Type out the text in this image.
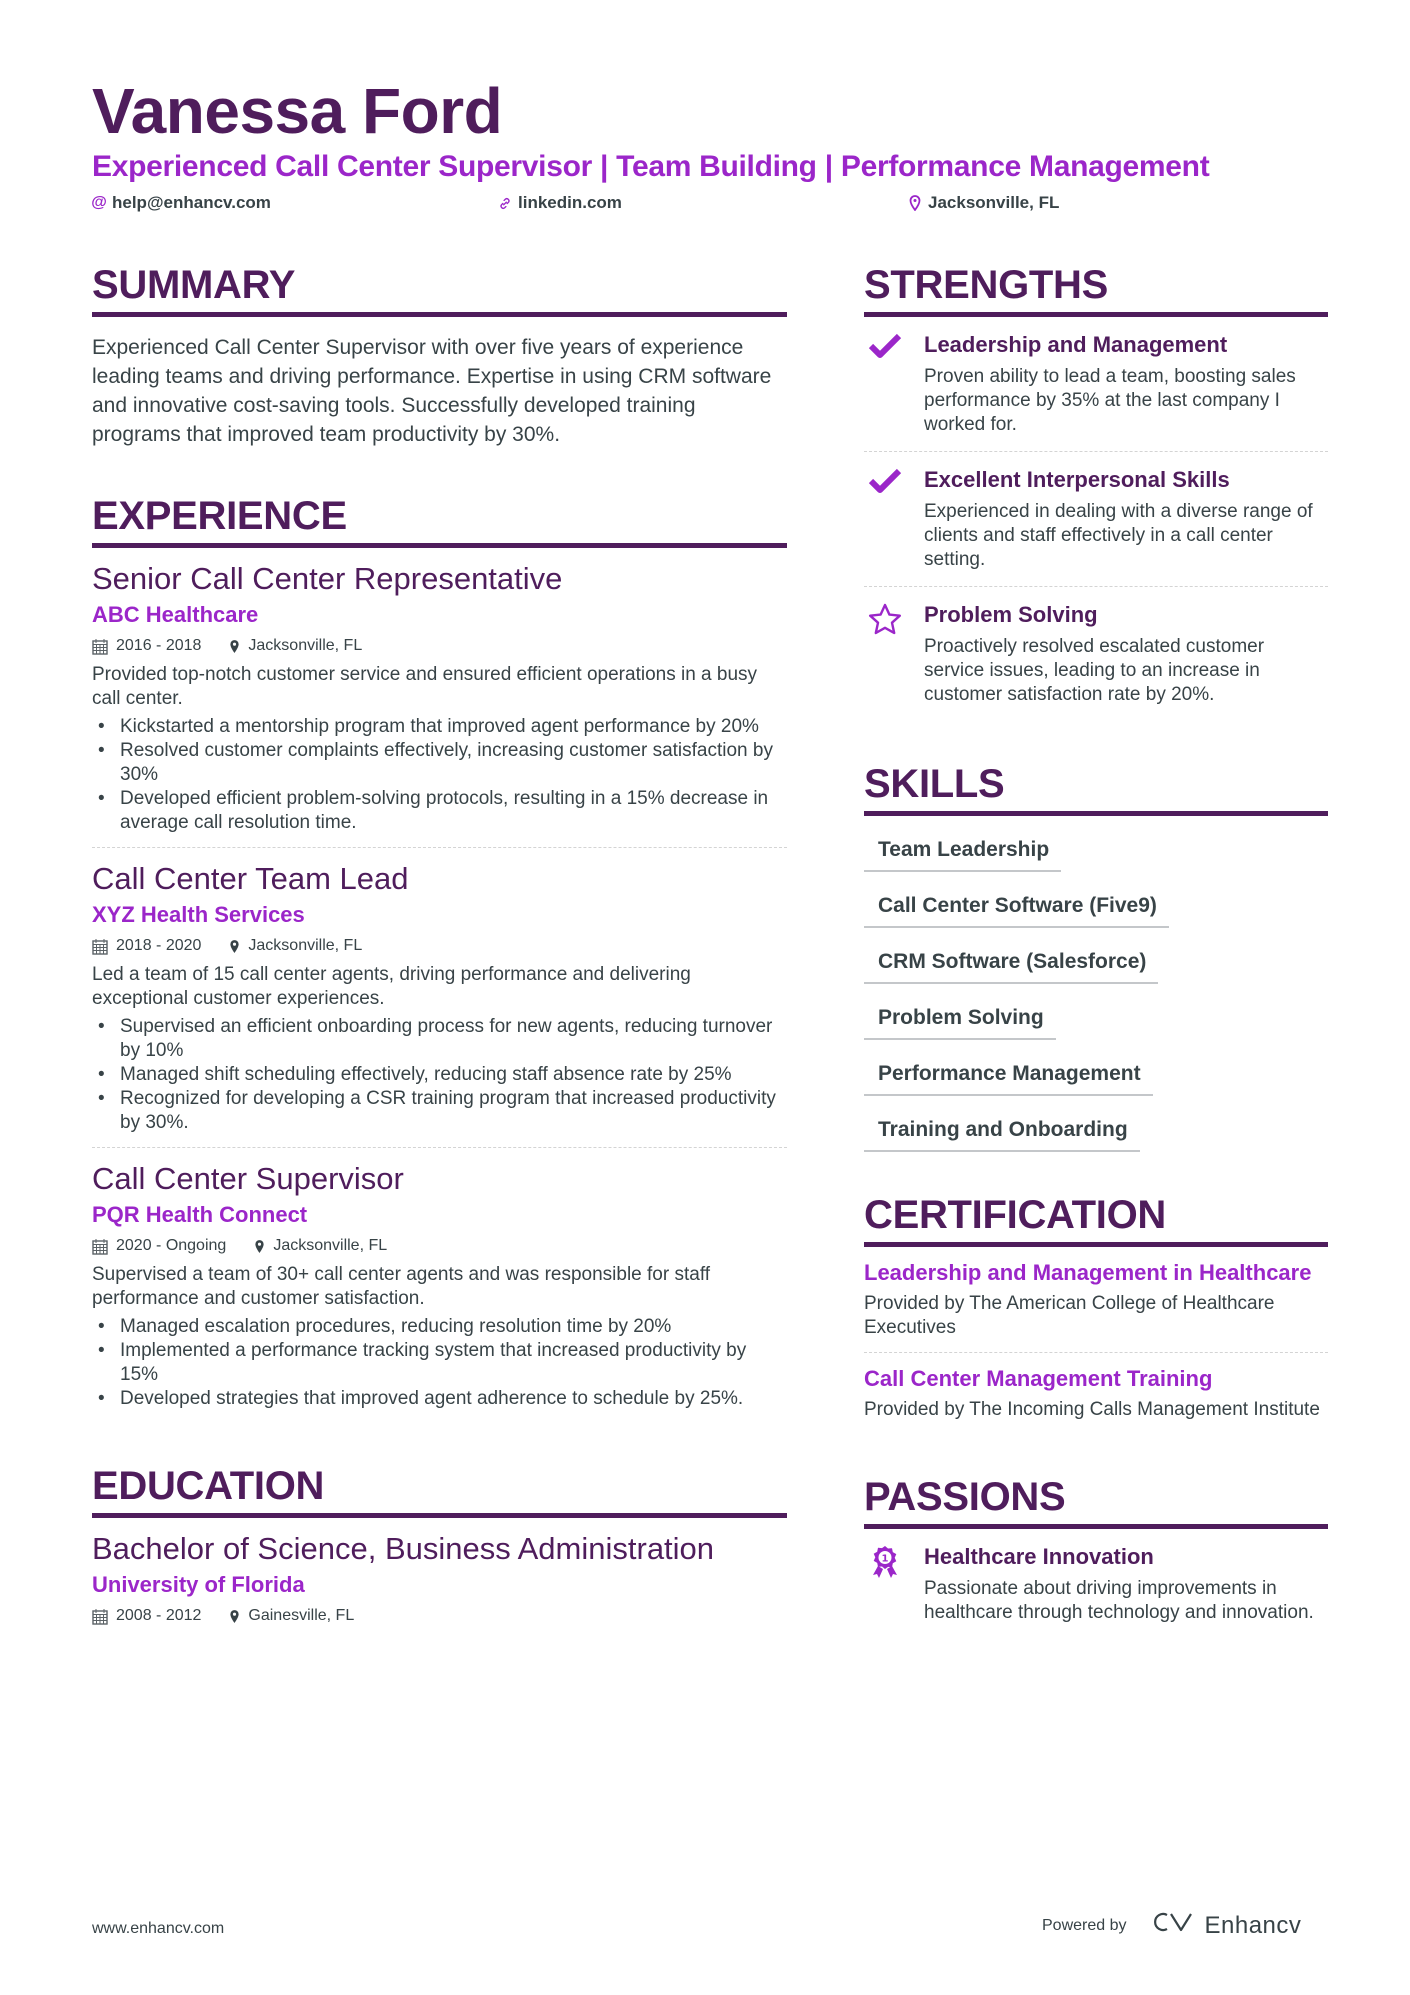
Vanessa Ford
Experienced Call Center Supervisor | Team Building | Performance Management
@ help@enhancv.com	linkedin.com	Jacksonville, FL
SUMMARY
Experienced Call Center Supervisor with over five years of experience leading teams and driving performance. Expertise in using CRM software and innovative cost-saving tools. Successfully developed training programs that improved team productivity by 30%.
EXPERIENCE
Senior Call Center Representative
ABC Healthcare
2016 - 2018	Jacksonville, FL
Provided top-notch customer service and ensured efficient operations in a busy call center.
• Kickstarted a mentorship program that improved agent performance by 20%
• Resolved customer complaints effectively, increasing customer satisfaction by 30%
• Developed efficient problem-solving protocols, resulting in a 15% decrease in average call resolution time.
Call Center Team Lead
XYZ Health Services
2018 - 2020	Jacksonville, FL
Led a team of 15 call center agents, driving performance and delivering exceptional customer experiences.
• Supervised an efficient onboarding process for new agents, reducing turnover by 10%
• Managed shift scheduling effectively, reducing staff absence rate by 25%
• Recognized for developing a CSR training program that increased productivity by 30%.
Call Center Supervisor
PQR Health Connect
2020 - Ongoing	Jacksonville, FL
Supervised a team of 30+ call center agents and was responsible for staff performance and customer satisfaction.
• Managed escalation procedures, reducing resolution time by 20%
• Implemented a performance tracking system that increased productivity by 15%
• Developed strategies that improved agent adherence to schedule by 25%.
EDUCATION
Bachelor of Science, Business Administration
University of Florida
2008 - 2012	Gainesville, FL
STRENGTHS
Leadership and Management
Proven ability to lead a team, boosting sales performance by 35% at the last company I worked for.
Excellent Interpersonal Skills
Experienced in dealing with a diverse range of clients and staff effectively in a call center setting.
Problem Solving
Proactively resolved escalated customer service issues, leading to an increase in customer satisfaction rate by 20%.
SKILLS
Team Leadership
Call Center Software (Five9)
CRM Software (Salesforce)
Problem Solving
Performance Management
Training and Onboarding
CERTIFICATION
Leadership and Management in Healthcare
Provided by The American College of Healthcare Executives
Call Center Management Training
Provided by The Incoming Calls Management Institute
PASSIONS
1 Healthcare Innovation
Passionate about driving improvements in healthcare through technology and innovation.
www.enhancv.com	Powered by	Enhancv
